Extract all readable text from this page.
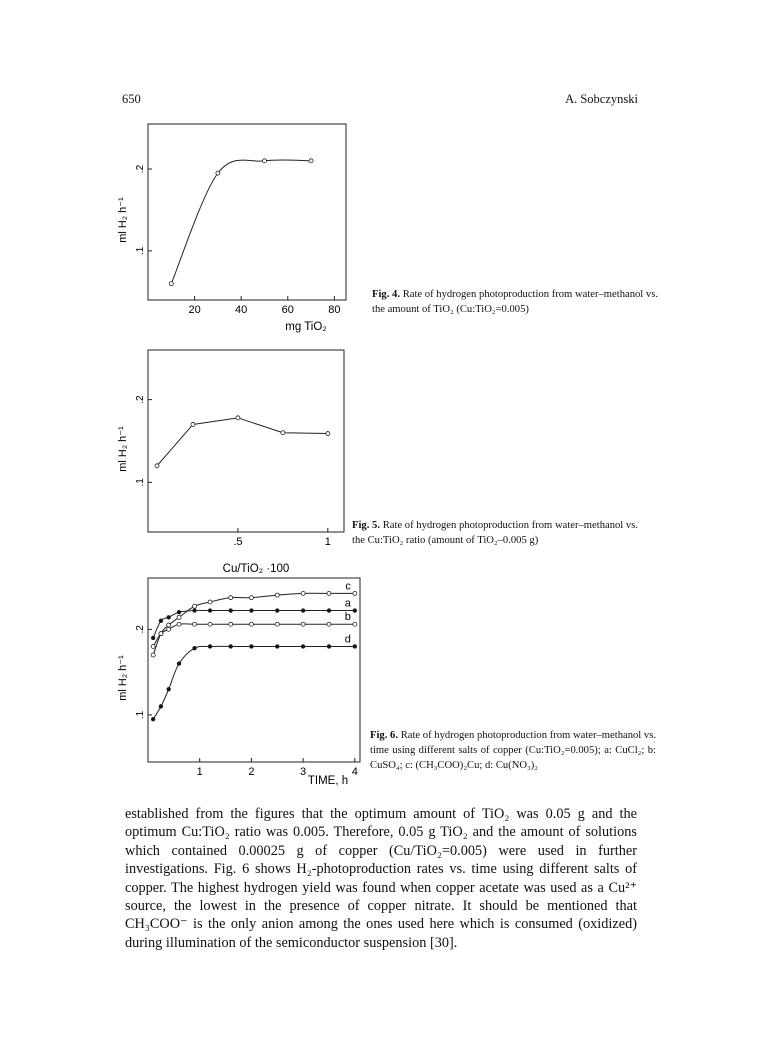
650	A. Sobczynski
20	40	60	80
.1
.2
ml H₂ h⁻¹
mg TiO₂
Fig. 4. Rate of hydrogen photoproduction from water–methanol vs. the amount of TiO₂ (Cu:TiO₂=0.005)
.5	1
.1
.2
ml H₂ h⁻¹
Cu/TiO₂ ·100
Fig. 5. Rate of hydrogen photoproduction from water–methanol vs. the Cu:TiO₂ ratio (amount of TiO₂–0.005 g)
1	2	3	4
.1
.2
ml H₂ h⁻¹
TIME, h
a
b
c
d
Fig. 6. Rate of hydrogen photoproduction from water–methanol vs. time using different salts of copper (Cu:TiO₂=0.005); a: CuCl₂; b: CuSO₄; c: (CH₃COO)₂Cu; d: Cu(NO₃)₂
established from the figures that the optimum amount of TiO₂ was 0.05 g and the optimum Cu:TiO₂ ratio was 0.005. Therefore, 0.05 g TiO₂ and the amount of solutions which contained 0.00025 g of copper (Cu/TiO₂=0.005) were used in further investigations. Fig. 6 shows H₂-photoproduction rates vs. time using different salts of copper. The highest hydrogen yield was found when copper acetate was used as a Cu²⁺ source, the lowest in the presence of copper nitrate. It should be mentioned that CH₃COO⁻ is the only anion among the ones used here which is consumed (oxidized) during illumination of the semiconductor suspension [30].
